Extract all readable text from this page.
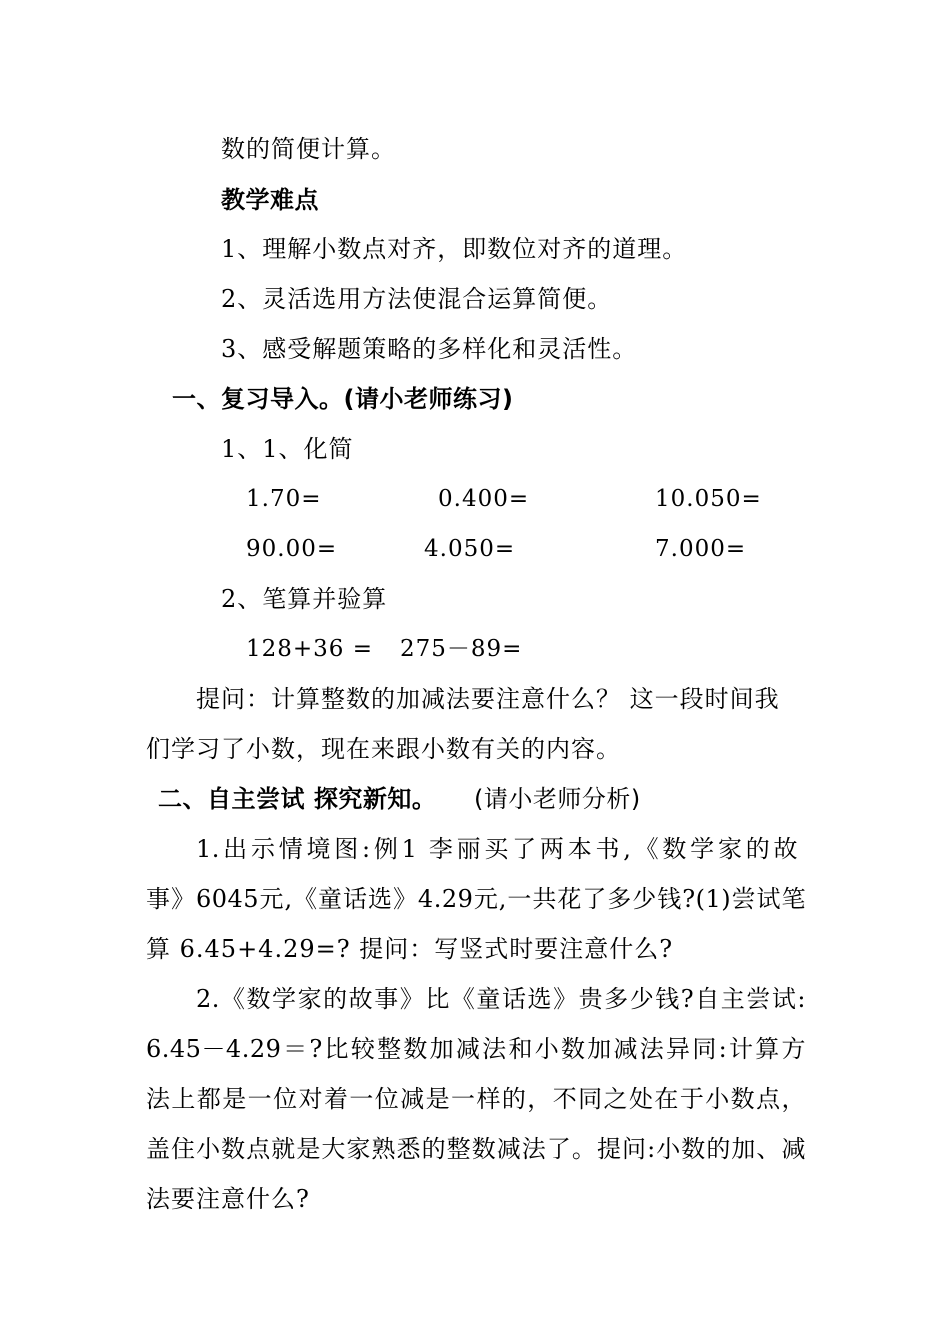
数的简便计算。
教学难点
1、理解小数点对齐，即数位对齐的道理。
2、灵活选用方法使混合运算简便。
3、感受解题策略的多样化和灵活性。
一、复习导入。(请小老师练习)
1、1、化简
1.70=	0.400=	10.050=
90.00=	4.050=	7.000=
2、笔算并验算
128+36 = 275－89=
提问：计算整数的加减法要注意什么？ 这一段时间我
们学习了小数，现在来跟小数有关的内容。
二、自主尝试 探究新知。 (请小老师分析)
1.出示情境图:例1 李丽买了两本书,《数学家的故
事》6045元,《童话选》4.29元,一共花了多少钱?(1)尝试笔
算 6.45+4.29=? 提问：写竖式时要注意什么?
2.《数学家的故事》比《童话选》贵多少钱?自主尝试:
6.45－4.29＝?比较整数加减法和小数加减法异同:计算方
法上都是一位对着一位减是一样的，不同之处在于小数点，
盖住小数点就是大家熟悉的整数减法了。提问:小数的加、减
法要注意什么?
